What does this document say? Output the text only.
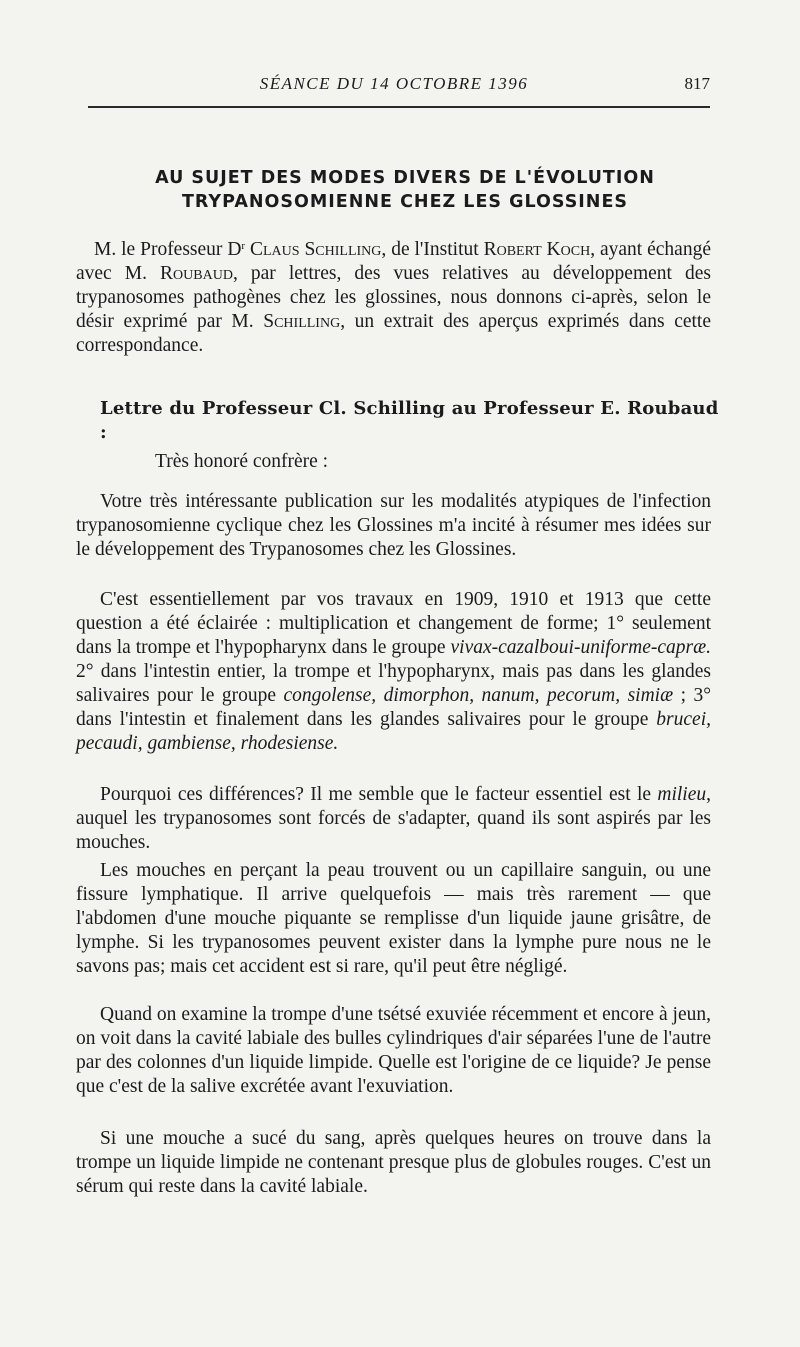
SÉANCE DU 14 OCTOBRE 1396	817
AU SUJET DES MODES DIVERS DE L'ÉVOLUTION
TRYPANOSOMIENNE CHEZ LES GLOSSINES

M. le Professeur $D^r$ Claus Schilling, de l'Institut Robert Koch, ayant échangé avec M. Roubaud, par lettres, des vues relatives au développement des trypanosomes pathogènes chez les glossines, nous donnons ci-après, selon le désir exprimé par M. Schilling, un extrait des aperçus exprimés dans cette correspondance.

Lettre du Professeur Cl. Schilling au Professeur E. Roubaud :
Très honoré confrère :

Votre très intéressante publication sur les modalités atypiques de l'infection trypanosomienne cyclique chez les Glossines m'a incité à résumer mes idées sur le développement des Trypanosomes chez les Glossines.

C'est essentiellement par vos travaux en 1909, 1910 et 1913 que cette question a été éclairée : multiplication et changement de forme; 1° seulement dans la trompe et l'hypopharynx dans le groupe vivax-cazalboui-uniforme-capræ. 2° dans l'intestin entier, la trompe et l'hypopharynx, mais pas dans les glandes salivaires pour le groupe congolense, dimorphon, nanum, pecorum, simiæ ; 3° dans l'intestin et finalement dans les glandes salivaires pour le groupe brucei, pecaudi, gambiense, rhodesiense.

Pourquoi ces différences? Il me semble que le facteur essentiel est le milieu, auquel les trypanosomes sont forcés de s'adapter, quand ils sont aspirés par les mouches.

Les mouches en perçant la peau trouvent ou un capillaire sanguin, ou une fissure lymphatique. Il arrive quelquefois — mais très rarement — que l'abdomen d'une mouche piquante se remplisse d'un liquide jaune grisâtre, de lymphe. Si les trypanosomes peuvent exister dans la lymphe pure nous ne le savons pas; mais cet accident est si rare, qu'il peut être négligé.

Quand on examine la trompe d'une tsétsé exuviée récemment et encore à jeun, on voit dans la cavité labiale des bulles cylindriques d'air séparées l'une de l'autre par des colonnes d'un liquide limpide. Quelle est l'origine de ce liquide? Je pense que c'est de la salive excrétée avant l'exuviation.

Si une mouche a sucé du sang, après quelques heures on trouve dans la trompe un liquide limpide ne contenant presque plus de globules rouges. C'est un sérum qui reste dans la cavité labiale.
